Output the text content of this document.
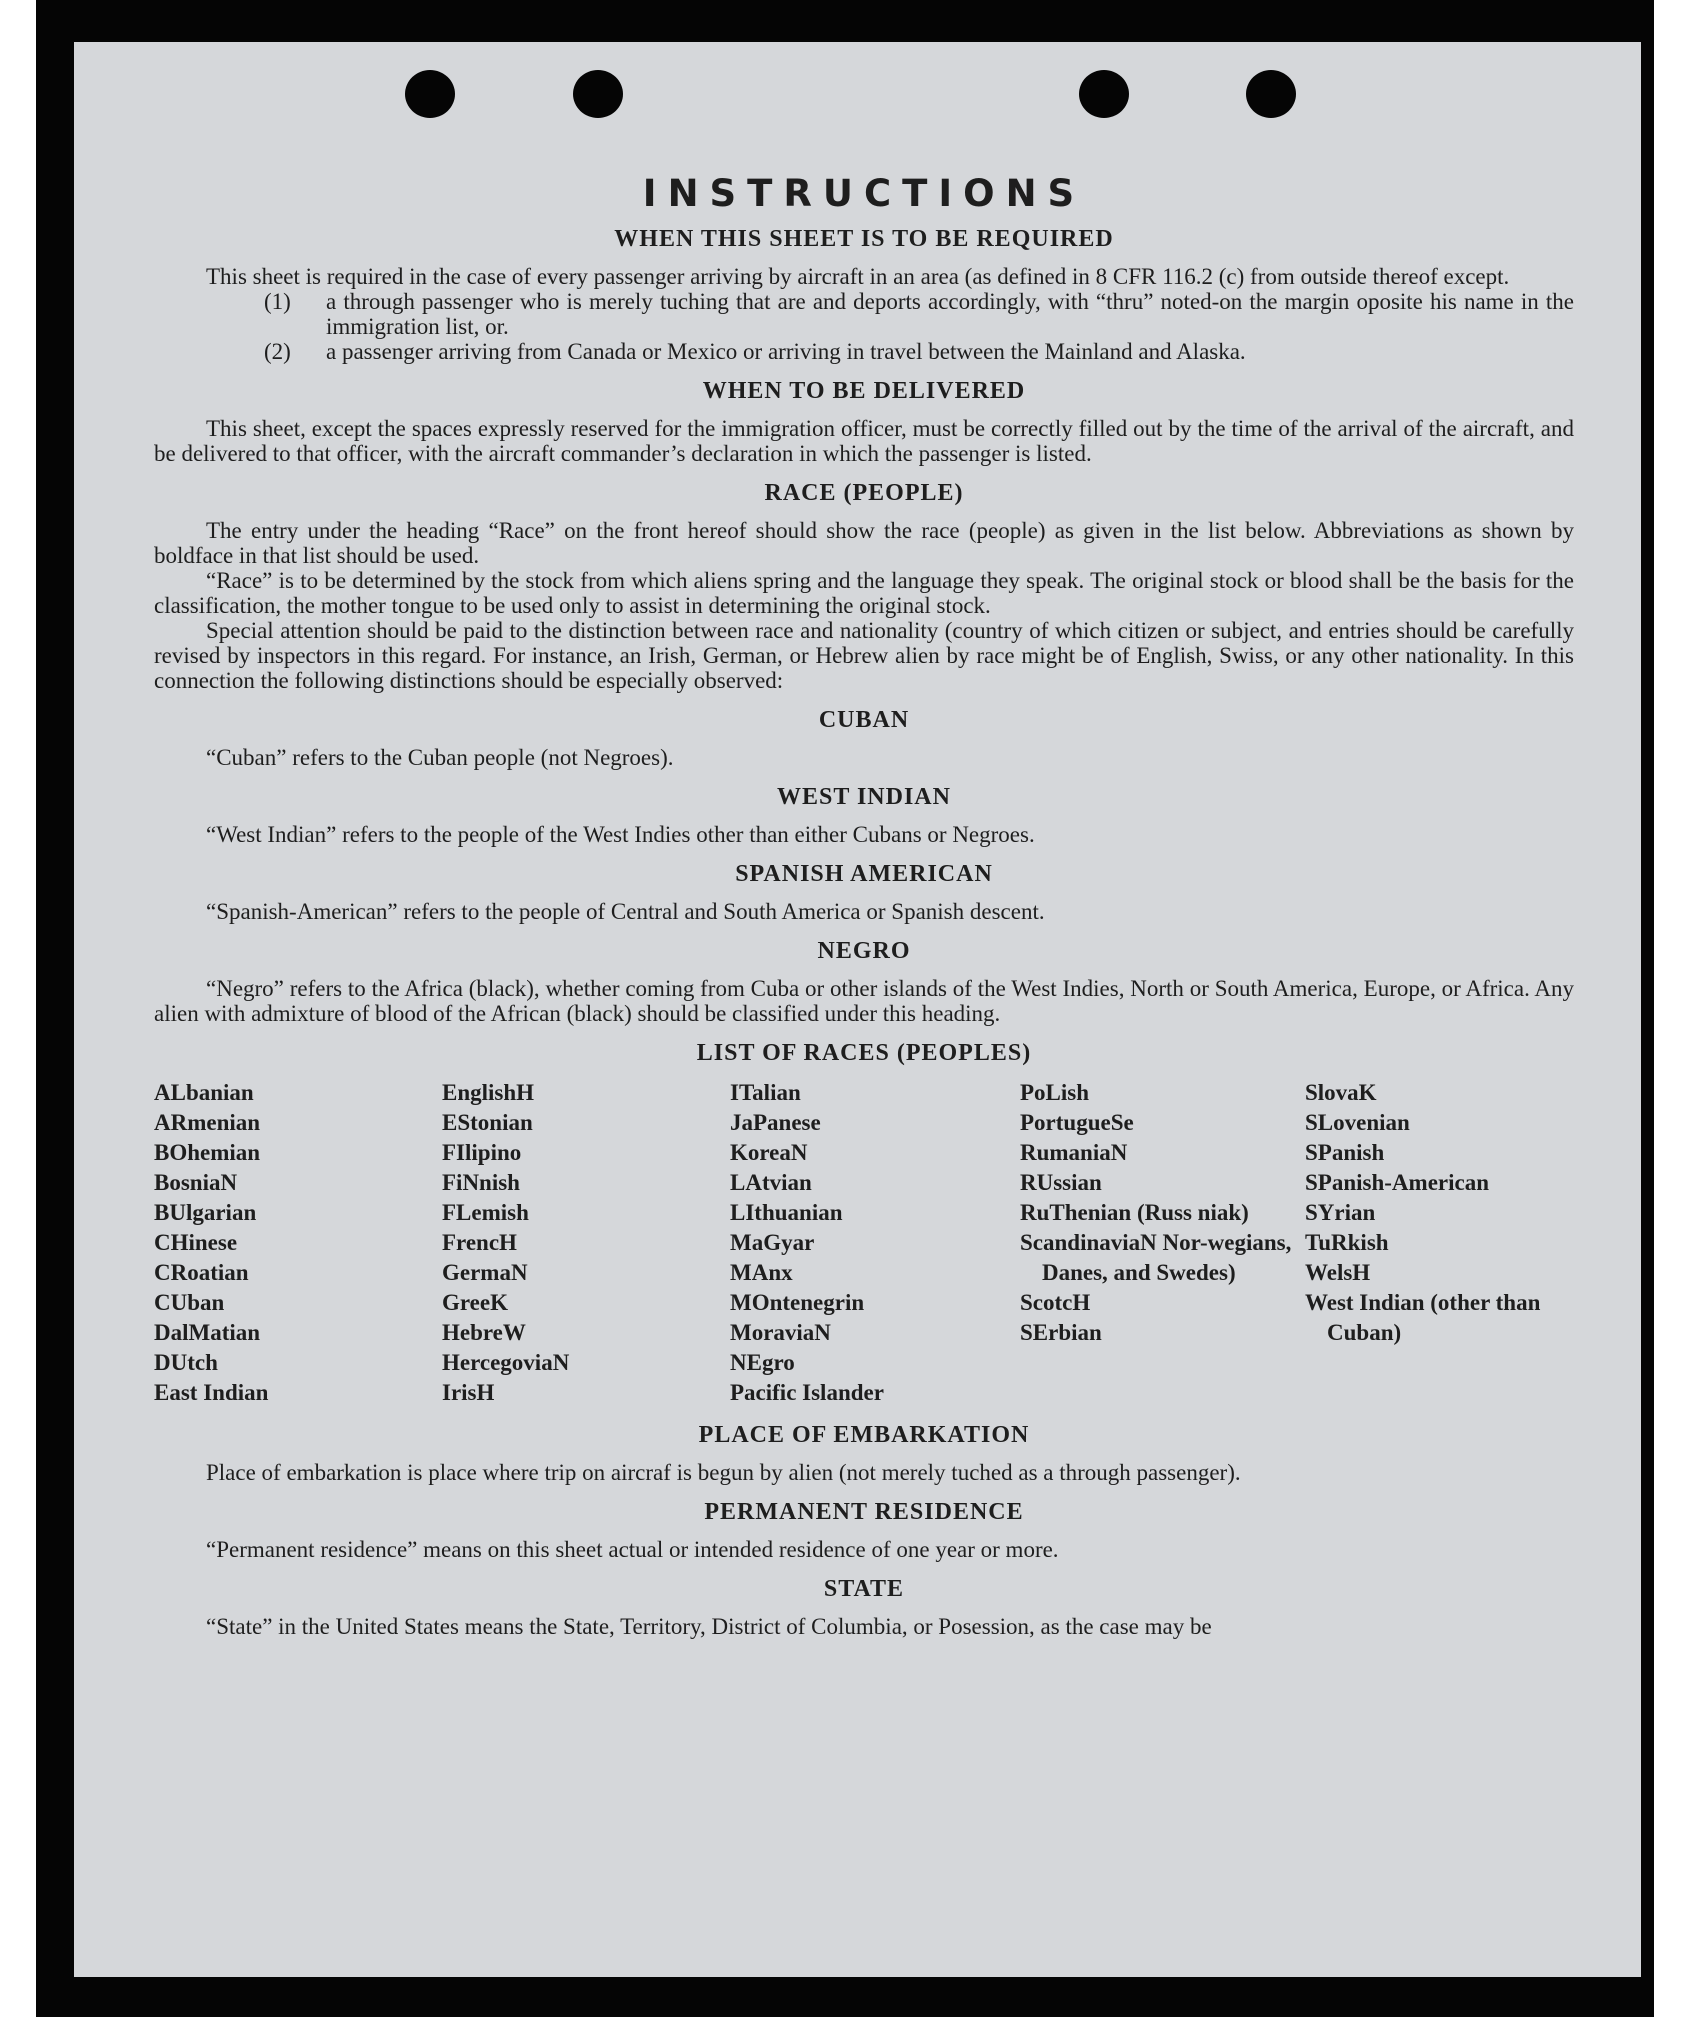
INSTRUCTIONS
WHEN THIS SHEET IS TO BE REQUIRED

This sheet is required in the case of every passenger arriving by aircraft in an area (as defined in 8 CFR 116.2 (c) from outside thereof except.

(1)	a through passenger who is merely tuching that are and deports accordingly, with “thru” noted-on the margin oposite his name in the immigration list, or.
(2)	a passenger arriving from Canada or Mexico or arriving in travel between the Mainland and Alaska.
WHEN TO BE DELIVERED

This sheet, except the spaces expressly reserved for the immigration officer, must be correctly filled out by the time of the arrival of the aircraft, and be delivered to that officer, with the aircraft commander’s declaration in which the passenger is listed.

RACE (PEOPLE)

The entry under the heading “Race” on the front hereof should show the race (people) as given in the list below. Abbreviations as shown by boldface in that list should be used.

“Race” is to be determined by the stock from which aliens spring and the language they speak. The original stock or blood shall be the basis for the classification, the mother tongue to be used only to assist in determining the original stock.

Special attention should be paid to the distinction between race and nationality (country of which citizen or subject, and entries should be carefully revised by inspectors in this regard. For instance, an Irish, German, or Hebrew alien by race might be of English, Swiss, or any other nationality. In this connection the following distinctions should be especially observed:

CUBAN

“Cuban” refers to the Cuban people (not Negroes).

WEST INDIAN

“West Indian” refers to the people of the West Indies other than either Cubans or Negroes.

SPANISH AMERICAN

“Spanish-American” refers to the people of Central and South America or Spanish descent.

NEGRO

“Negro” refers to the Africa (black), whether coming from Cuba or other islands of the West Indies, North or South America, Europe, or Africa. Any alien with admixture of blood of the African (black) should be classified under this heading.

LIST OF RACES (PEOPLES)
ALbanian
ARmenian
BOhemian
BosniaN
BUlgarian
CHinese
CRoatian
CUban
DalMatian
DUtch
East Indian
EnglishH
EStonian
FIlipino
FiNnish
FLemish
FrencH
GermaN
GreeK
HebreW
HercegoviaN
IrisH
ITalian
JaPanese
KoreaN
LAtvian
LIthuanian
MaGyar
MAnx
MOntenegrin
MoraviaN
NEgro
Pacific Islander
PoLish
PortugueSe
RumaniaN
RUssian
RuThenian (Russ niak)
ScandinaviaN Nor-wegians, Danes, and Swedes)
ScotcH
SErbian
SlovaK
SLovenian
SPanish
SPanish-American
SYrian
TuRkish
WelsH
West Indian (other than Cuban)
PLACE OF EMBARKATION

Place of embarkation is place where trip on aircraf is begun by alien (not merely tuched as a through passenger).

PERMANENT RESIDENCE

“Permanent residence” means on this sheet actual or intended residence of one year or more.

STATE

“State” in the United States means the State, Territory, District of Columbia, or Posession, as the case may be
